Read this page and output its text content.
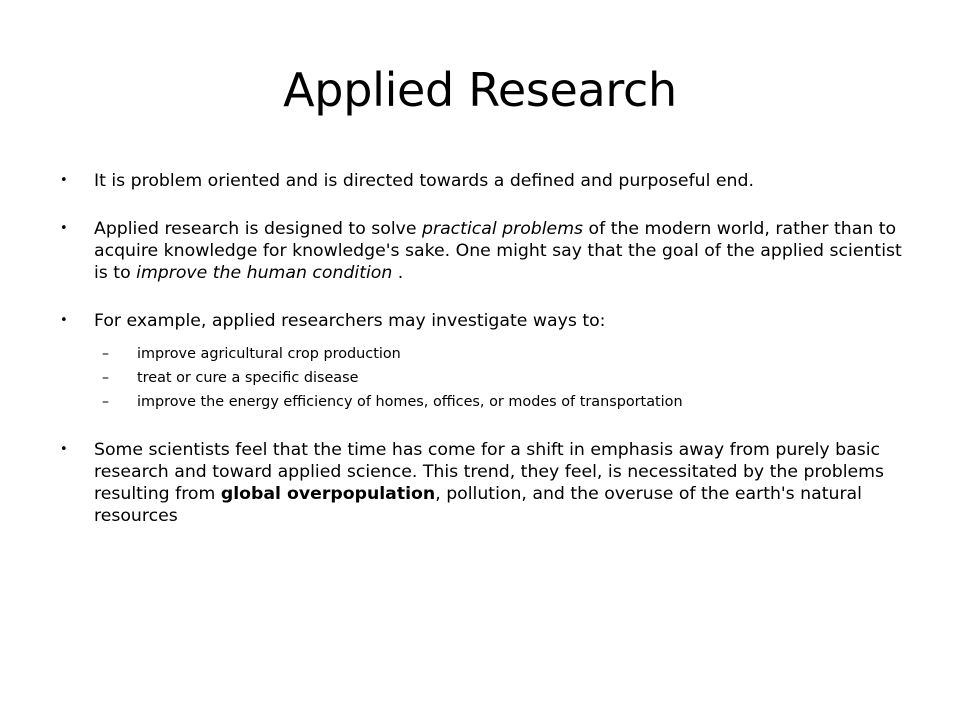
Applied Research
• It is problem oriented and is directed towards a defined and purposeful end.
• Applied research is designed to solve practical problems of the modern world, rather than to acquire knowledge for knowledge's sake. One might say that the goal of the applied scientist is to improve the human condition .
• For example, applied researchers may investigate ways to:
– improve agricultural crop production
– treat or cure a specific disease
– improve the energy efficiency of homes, offices, or modes of transportation
• Some scientists feel that the time has come for a shift in emphasis away from purely basic research and toward applied science. This trend, they feel, is necessitated by the problems resulting from global overpopulation, pollution, and the overuse of the earth's natural resources
